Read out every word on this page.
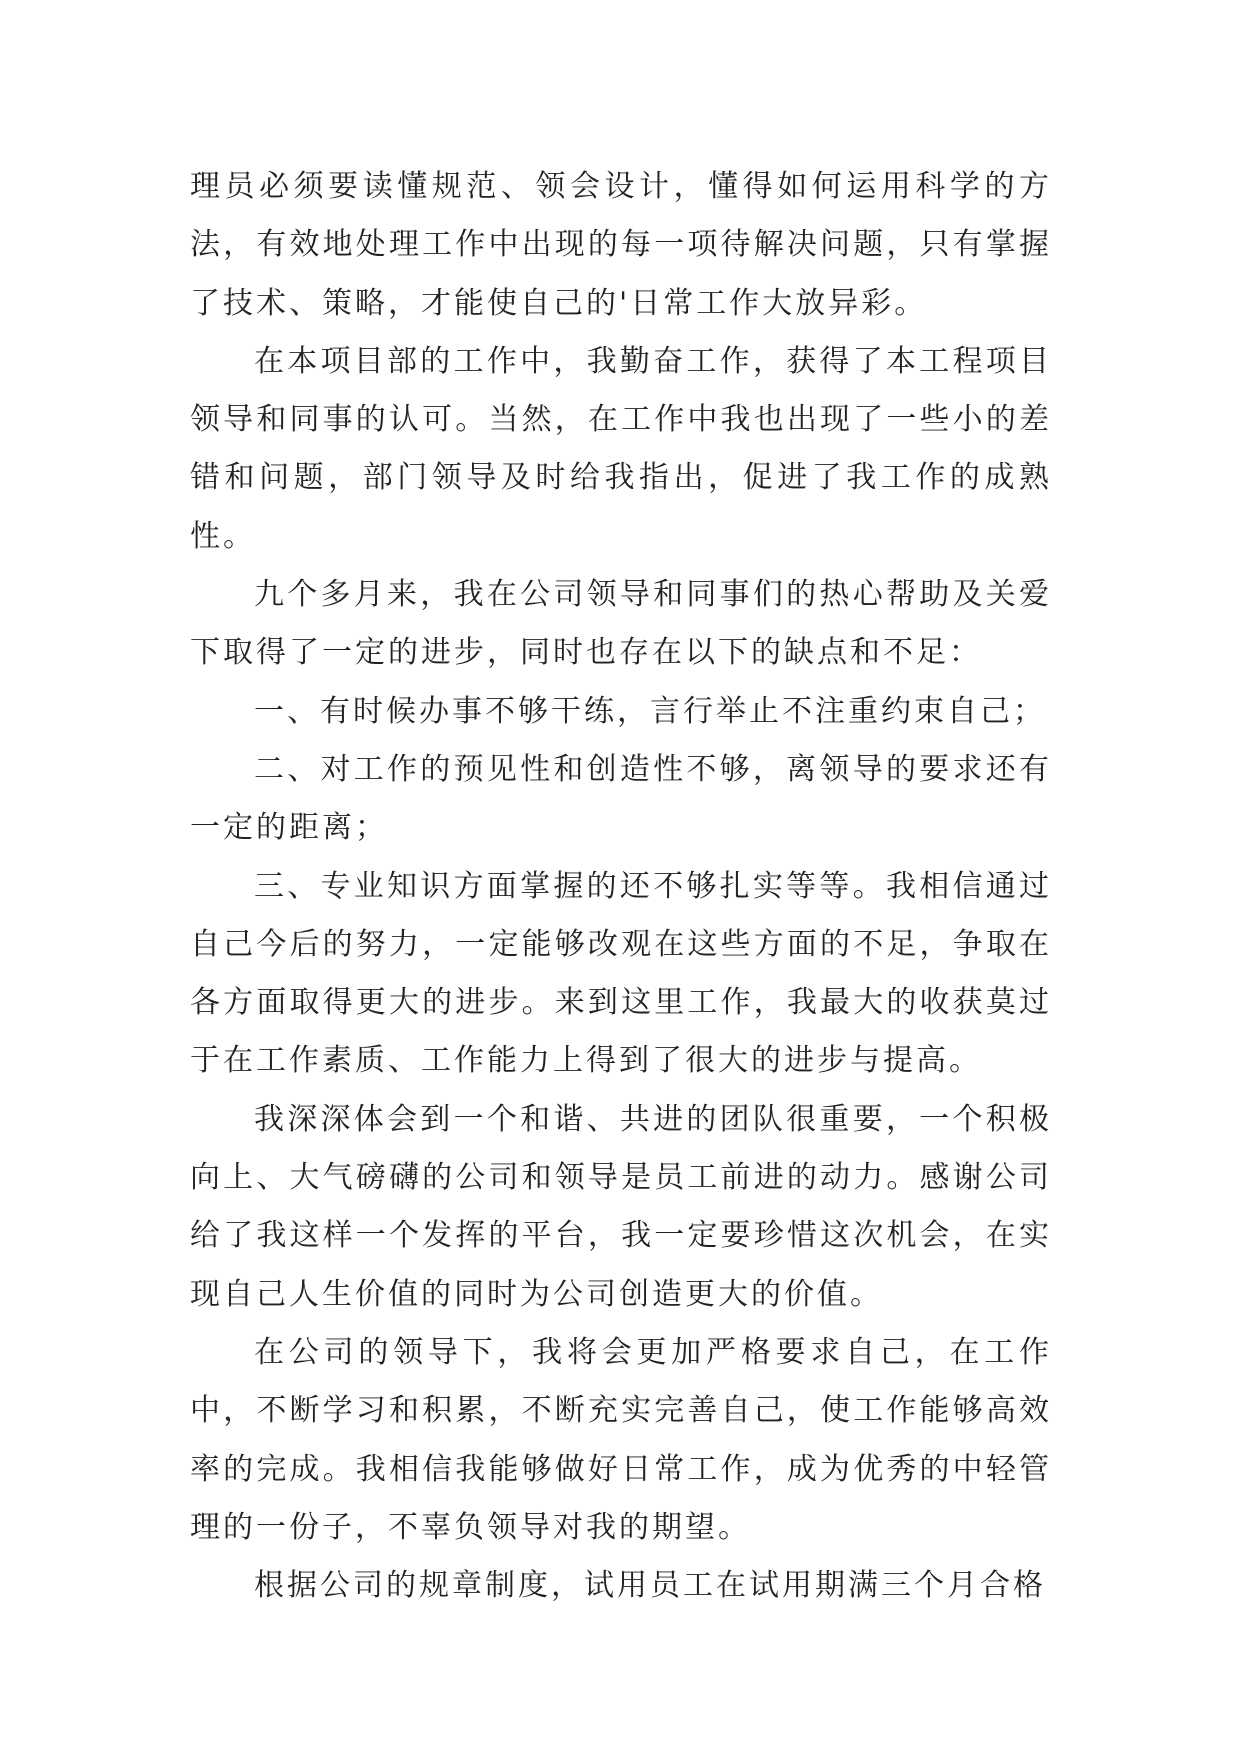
理员必须要读懂规范、领会设计，懂得如何运用科学的方法，有效地处理工作中出现的每一项待解决问题，只有掌握了技术、策略，才能使自己的'日常工作大放异彩。

在本项目部的工作中，我勤奋工作，获得了本工程项目领导和同事的认可。当然，在工作中我也出现了一些小的差错和问题，部门领导及时给我指出，促进了我工作的成熟性。

九个多月来，我在公司领导和同事们的热心帮助及关爱下取得了一定的进步，同时也存在以下的缺点和不足：

一、有时候办事不够干练，言行举止不注重约束自己；

二、对工作的预见性和创造性不够，离领导的要求还有一定的距离；

三、专业知识方面掌握的还不够扎实等等。我相信通过自己今后的努力，一定能够改观在这些方面的不足，争取在各方面取得更大的进步。来到这里工作，我最大的收获莫过于在工作素质、工作能力上得到了很大的进步与提高。

我深深体会到一个和谐、共进的团队很重要，一个积极向上、大气磅礴的公司和领导是员工前进的动力。感谢公司给了我这样一个发挥的平台，我一定要珍惜这次机会，在实现自己人生价值的同时为公司创造更大的价值。

在公司的领导下，我将会更加严格要求自己，在工作中，不断学习和积累，不断充实完善自己，使工作能够高效率的完成。我相信我能够做好日常工作，成为优秀的中轻管理的一份子，不辜负领导对我的期望。

根据公司的规章制度，试用员工在试用期满三个月合格
